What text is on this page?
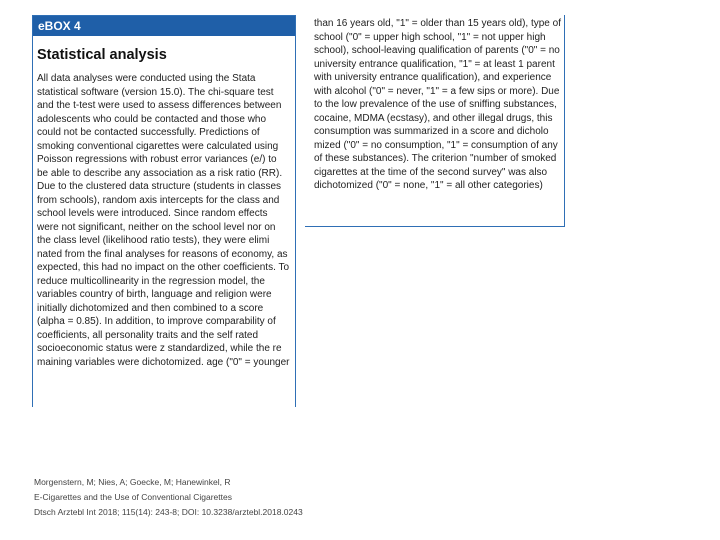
eBOX 4
Statistical analysis
All data analyses were conducted using the Stata
statistical software (version 15.0). The chi-square test
and the t-test were used to assess differences between
adolescents who could be contacted and those who
could not be contacted successfully. Predictions of
smoking conventional cigarettes were calculated using
Poisson regressions with robust error variances (e/) to
be able to describe any association as a risk ratio (RR).
Due to the clustered data structure (students in classes
from schools), random axis intercepts for the class and
school levels were introduced. Since random effects
were not significant, neither on the school level nor on
the class level (likelihood ratio tests), they were elimi
nated from the final analyses for reasons of economy, as
expected, this had no impact on the other coefficients. To
reduce multicollinearity in the regression model, the
variables country of birth, language and religion were
initially dichotomized and then combined to a score
(alpha = 0.85). In addition, to improve comparability of
coefficients, all personality traits and the self rated
socioeconomic status were z standardized, while the re
maining variables were dichotomized. age ("0" = younger
than 16 years old, "1" = older than 15 years old), type of
school ("0" = upper high school, "1" = not upper high
school), school-leaving qualification of parents ("0" = no
university entrance qualification, "1" = at least 1 parent
with university entrance qualification), and experience
with alcohol ("0" = never, "1" = a few sips or more). Due
to the low prevalence of the use of sniffing substances,
cocaine, MDMA (ecstasy), and other illegal drugs, this
consumption was summarized in a score and dicholo
mized ("0" = no consumption, "1" = consumption of any
of these substances). The criterion "number of smoked
cigarettes at the time of the second survey" was also
dichotomized ("0" = none, "1" = all other categories)
Morgenstern, M; Nies, A; Goecke, M; Hanewinkel, R
E-Cigarettes and the Use of Conventional Cigarettes
Dtsch Arztebl Int 2018; 115(14): 243-8; DOI: 10.3238/arztebl.2018.0243
